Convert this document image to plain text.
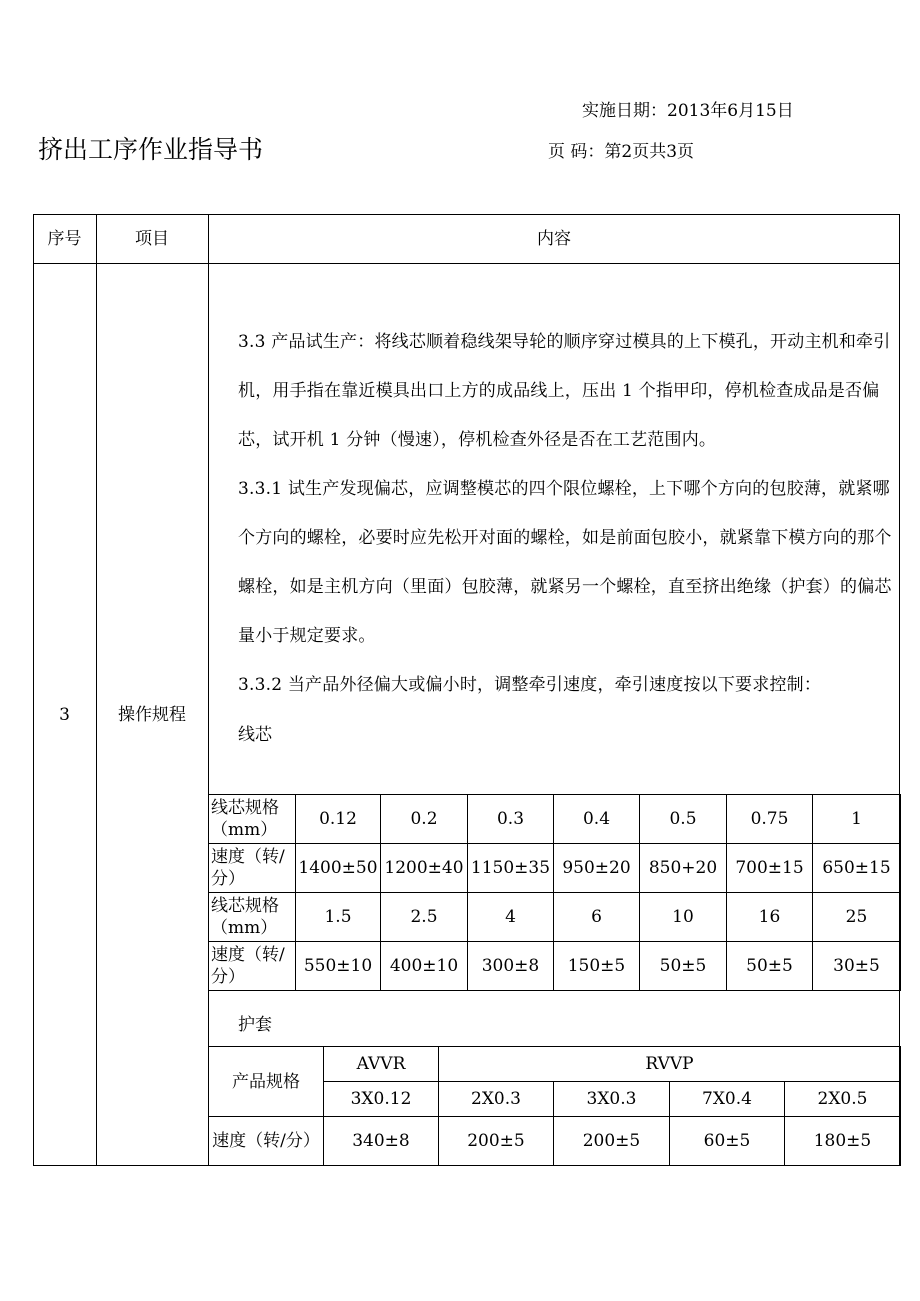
实施日期：2013年6月15日
挤出工序作业指导书	页 码：第2页共3页
序号	项目	内容
3	操作规程
3.3 产品试生产：将线芯顺着稳线架导轮的顺序穿过模具的上下模孔，开动主机和牵引机，用手指在靠近模具出口上方的成品线上，压出 1 个指甲印，停机检查成品是否偏芯，试开机 1 分钟（慢速），停机检查外径是否在工艺范围内。
3.3.1 试生产发现偏芯，应调整模芯的四个限位螺栓，上下哪个方向的包胶薄，就紧哪个方向的螺栓，必要时应先松开对面的螺栓，如是前面包胶小，就紧靠下模方向的那个螺栓，如是主机方向（里面）包胶薄，就紧另一个螺栓，直至挤出绝缘（护套）的偏芯量小于规定要求。
3.3.2 当产品外径偏大或偏小时，调整牵引速度，牵引速度按以下要求控制：
线芯
线芯规格（mm）	0.12	0.2	0.3	0.4	0.5	0.75	1
速度（转/分）	1400±50	1200±40	1150±35	950±20	850+20	700±15	650±15
线芯规格（mm）	1.5	2.5	4	6	10	16	25
速度（转/分）	550±10	400±10	300±8	150±5	50±5	50±5	30±5
护套
产品规格	AVVR	RVVP			
	3X0.12	2X0.3	3X0.3	7X0.4	2X0.5
速度（转/分）	340±8	200±5	200±5	60±5	180±5
